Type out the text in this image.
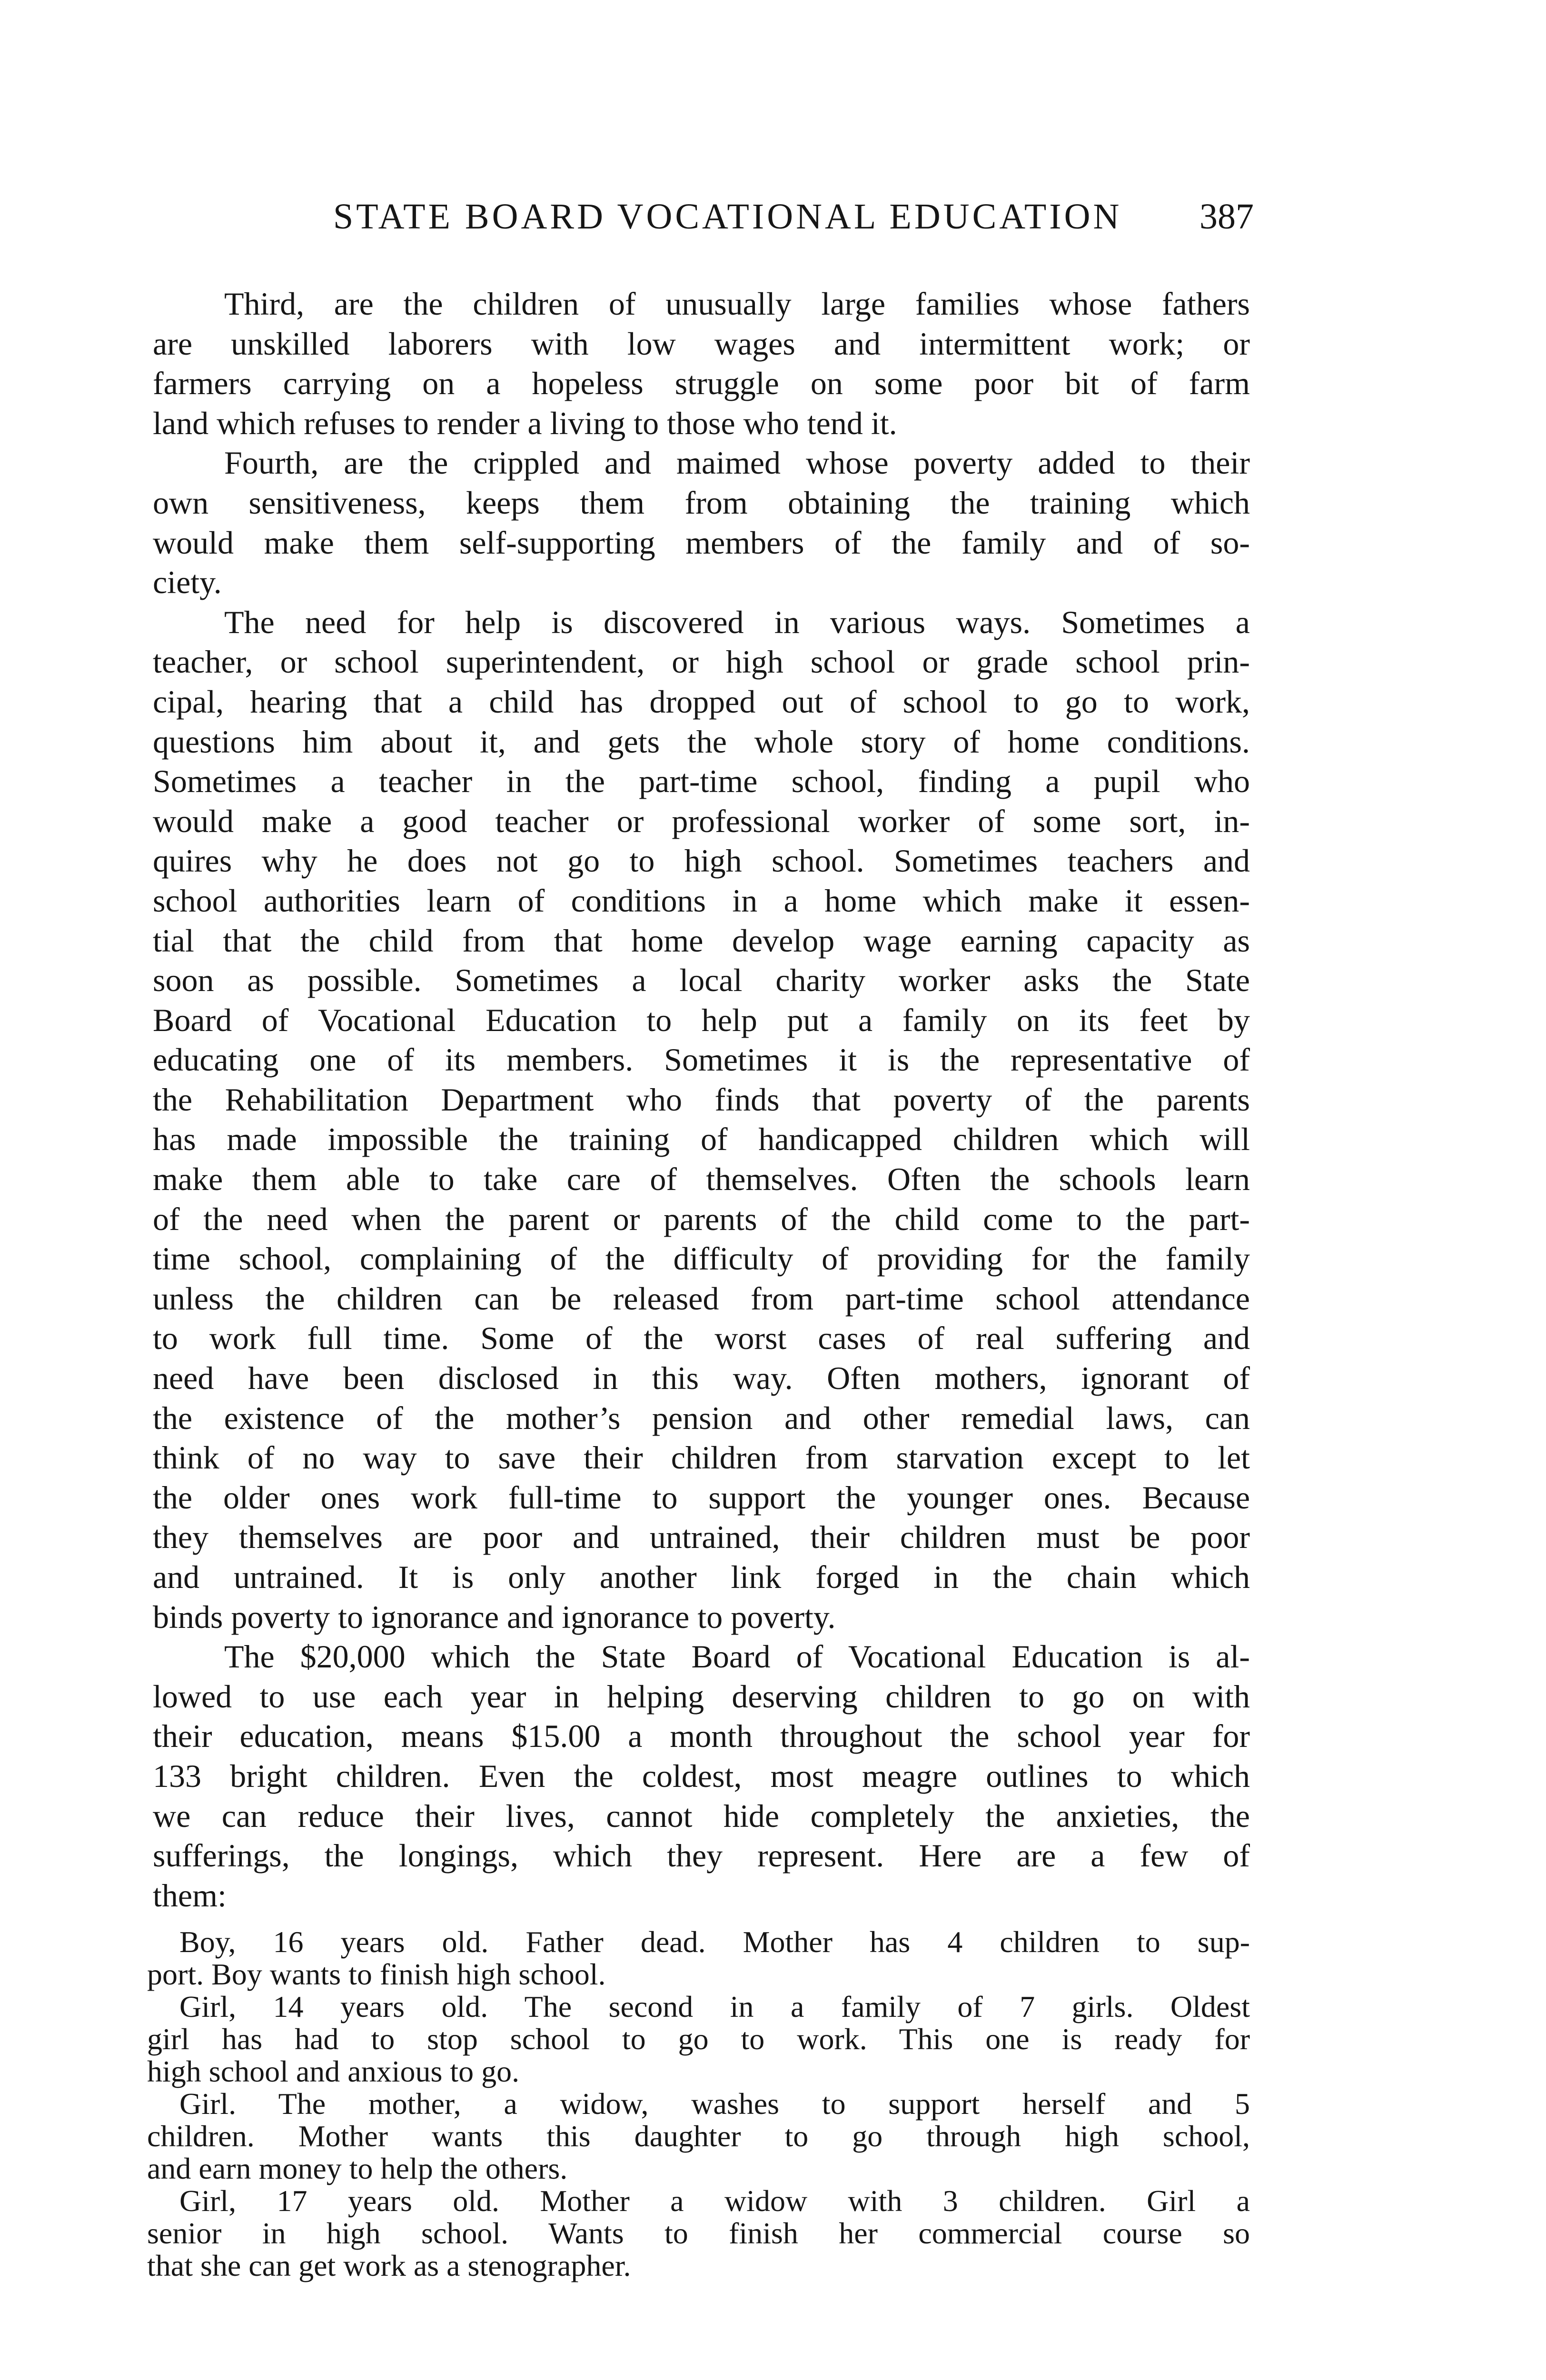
STATE BOARD VOCATIONAL EDUCATION 387
Third, are the children of unusually large families whose fathers
are unskilled laborers with low wages and intermittent work; or
farmers carrying on a hopeless struggle on some poor bit of farm
land which refuses to render a living to those who tend it.
Fourth, are the crippled and maimed whose poverty added to their
own sensitiveness, keeps them from obtaining the training which
would make them self-supporting members of the family and of so-
ciety.
The need for help is discovered in various ways. Sometimes a
teacher, or school superintendent, or high school or grade school prin-
cipal, hearing that a child has dropped out of school to go to work,
questions him about it, and gets the whole story of home conditions.
Sometimes a teacher in the part-time school, finding a pupil who
would make a good teacher or professional worker of some sort, in-
quires why he does not go to high school. Sometimes teachers and
school authorities learn of conditions in a home which make it essen-
tial that the child from that home develop wage earning capacity as
soon as possible. Sometimes a local charity worker asks the State
Board of Vocational Education to help put a family on its feet by
educating one of its members. Sometimes it is the representative of
the Rehabilitation Department who finds that poverty of the parents
has made impossible the training of handicapped children which will
make them able to take care of themselves. Often the schools learn
of the need when the parent or parents of the child come to the part-
time school, complaining of the difficulty of providing for the family
unless the children can be released from part-time school attendance
to work full time. Some of the worst cases of real suffering and
need have been disclosed in this way. Often mothers, ignorant of
the existence of the mother’s pension and other remedial laws, can
think of no way to save their children from starvation except to let
the older ones work full-time to support the younger ones. Because
they themselves are poor and untrained, their children must be poor
and untrained. It is only another link forged in the chain which
binds poverty to ignorance and ignorance to poverty.
The $20,000 which the State Board of Vocational Education is al-
lowed to use each year in helping deserving children to go on with
their education, means $15.00 a month throughout the school year for
133 bright children. Even the coldest, most meagre outlines to which
we can reduce their lives, cannot hide completely the anxieties, the
sufferings, the longings, which they represent. Here are a few of
them:
Boy, 16 years old. Father dead. Mother has 4 children to sup-
port. Boy wants to finish high school.
Girl, 14 years old. The second in a family of 7 girls. Oldest
girl has had to stop school to go to work. This one is ready for
high school and anxious to go.
Girl. The mother, a widow, washes to support herself and 5
children. Mother wants this daughter to go through high school,
and earn money to help the others.
Girl, 17 years old. Mother a widow with 3 children. Girl a
senior in high school. Wants to finish her commercial course so
that she can get work as a stenographer.
